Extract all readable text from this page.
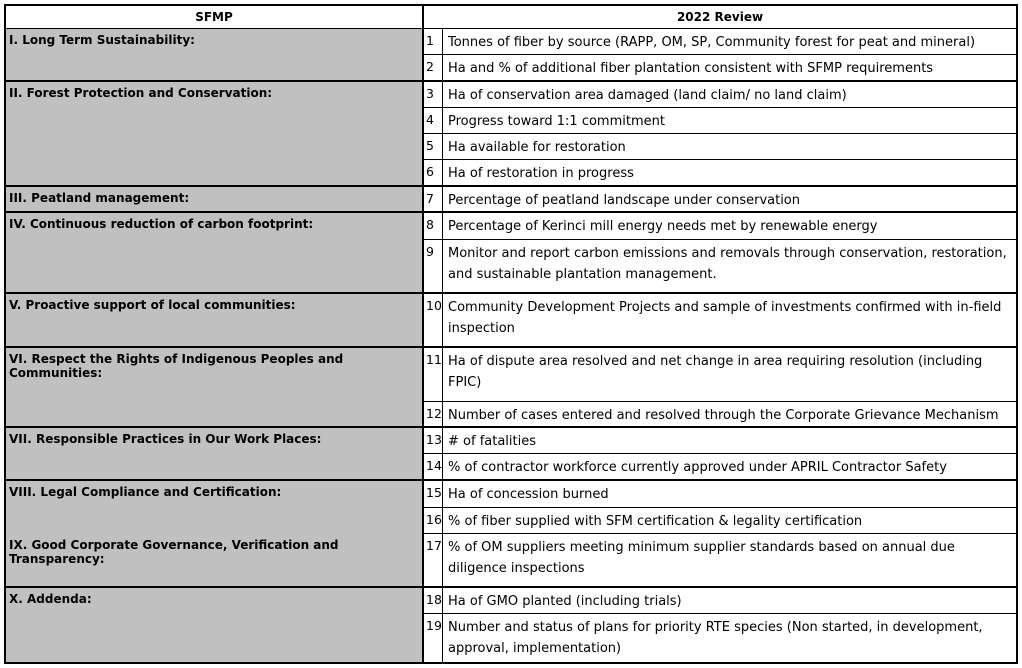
SFMP	2022 Review
I. Long Term Sustainability:
II. Forest Protection and Conservation:
III. Peatland management:
IV. Continuous reduction of carbon footprint:
V. Proactive support of local communities:
VI. Respect the Rights of Indigenous Peoples and Communities:
VII. Responsible Practices in Our Work Places:
VIII. Legal Compliance and Certification:
IX. Good Corporate Governance, Verification and Transparency:
X. Addenda:
1 Tonnes of fiber by source (RAPP, OM, SP, Community forest for peat and mineral)
2 Ha and % of additional fiber plantation consistent with SFMP requirements
3 Ha of conservation area damaged (land claim/ no land claim)
4 Progress toward 1:1 commitment
5 Ha available for restoration
6 Ha of restoration in progress
7 Percentage of peatland landscape under conservation
8 Percentage of Kerinci mill energy needs met by renewable energy
9 Monitor and report carbon emissions and removals through conservation, restoration, and sustainable plantation management.
10 Community Development Projects and sample of investments confirmed with in-field inspection
11 Ha of dispute area resolved and net change in area requiring resolution (including FPIC)
12 Number of cases entered and resolved through the Corporate Grievance Mechanism
13 # of fatalities
14 % of contractor workforce currently approved under APRIL Contractor Safety
15 Ha of concession burned
16 % of fiber supplied with SFM certification & legality certification
17 % of OM suppliers meeting minimum supplier standards based on annual due diligence inspections
18 Ha of GMO planted (including trials)
19 Number and status of plans for priority RTE species (Non started, in development, approval, implementation)
